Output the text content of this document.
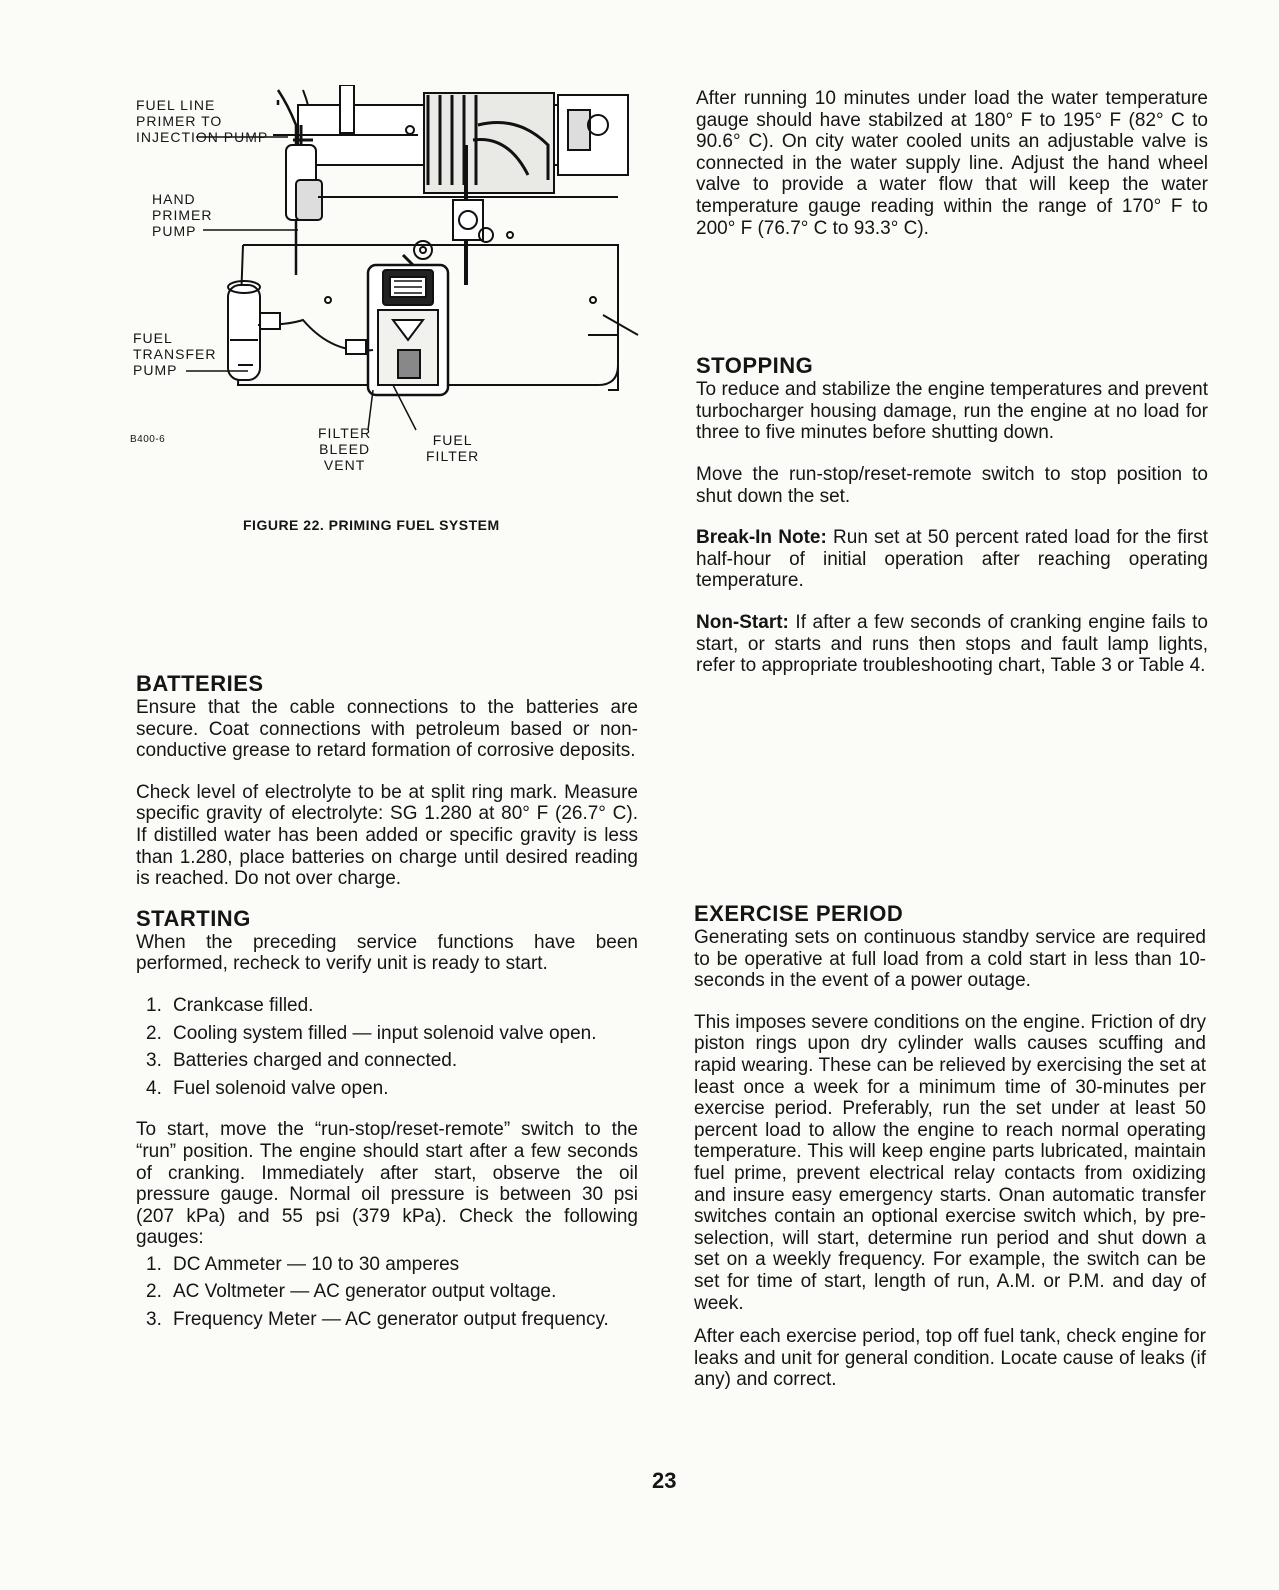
FUEL LINE
PRIMER TO
INJECTION PUMP
HAND
PRIMER
PUMP
FUEL
TRANSFER
PUMP
B400-6	FILTER
BLEED
VENT
FUEL
FILTER
FIGURE 22. PRIMING FUEL SYSTEM
BATTERIES

Ensure that the cable connections to the batteries are secure. Coat connections with petroleum based or non-conductive grease to retard formation of corrosive deposits.

Check level of electrolyte to be at split ring mark. Measure specific gravity of electrolyte: SG 1.280 at 80° F (26.7° C). If distilled water has been added or specific gravity is less than 1.280, place batteries on charge until desired reading is reached. Do not over charge.

STARTING

When the preceding service functions have been performed, recheck to verify unit is ready to start.

1. Crankcase filled.
2. Cooling system filled — input solenoid valve open.
3. Batteries charged and connected.
4. Fuel solenoid valve open.

To start, move the “run-stop/reset-remote” switch to the “run” position. The engine should start after a few seconds of cranking. Immediately after start, observe the oil pressure gauge. Normal oil pressure is between 30 psi (207 kPa) and 55 psi (379 kPa). Check the following gauges:

1. DC Ammeter — 10 to 30 amperes
2. AC Voltmeter — AC generator output voltage.
3. Frequency Meter — AC generator output frequency.

After running 10 minutes under load the water temperature gauge should have stabilzed at 180° F to 195° F (82° C to 90.6° C). On city water cooled units an adjustable valve is connected in the water supply line. Adjust the hand wheel valve to provide a water flow that will keep the water temperature gauge reading within the range of 170° F to 200° F (76.7° C to 93.3° C).

STOPPING

To reduce and stabilize the engine temperatures and prevent turbocharger housing damage, run the engine at no load for three to five minutes before shutting down.

Move the run-stop/reset-remote switch to stop position to shut down the set.

Break-In Note: Run set at 50 percent rated load for the first half-hour of initial operation after reaching operating temperature.

Non-Start: If after a few seconds of cranking engine fails to start, or starts and runs then stops and fault lamp lights, refer to appropriate troubleshooting chart, Table 3 or Table 4.

EXERCISE PERIOD

Generating sets on continuous standby service are required to be operative at full load from a cold start in less than 10-seconds in the event of a power outage.

This imposes severe conditions on the engine. Friction of dry piston rings upon dry cylinder walls causes scuffing and rapid wearing. These can be relieved by exercising the set at least once a week for a minimum time of 30-minutes per exercise period. Preferably, run the set under at least 50 percent load to allow the engine to reach normal operating temperature. This will keep engine parts lubricated, maintain fuel prime, prevent electrical relay contacts from oxidizing and insure easy emergency starts. Onan automatic transfer switches contain an optional exercise switch which, by pre-selection, will start, determine run period and shut down a set on a weekly frequency. For example, the switch can be set for time of start, length of run, A.M. or P.M. and day of week.

After each exercise period, top off fuel tank, check engine for leaks and unit for general condition. Locate cause of leaks (if any) and correct.

23
